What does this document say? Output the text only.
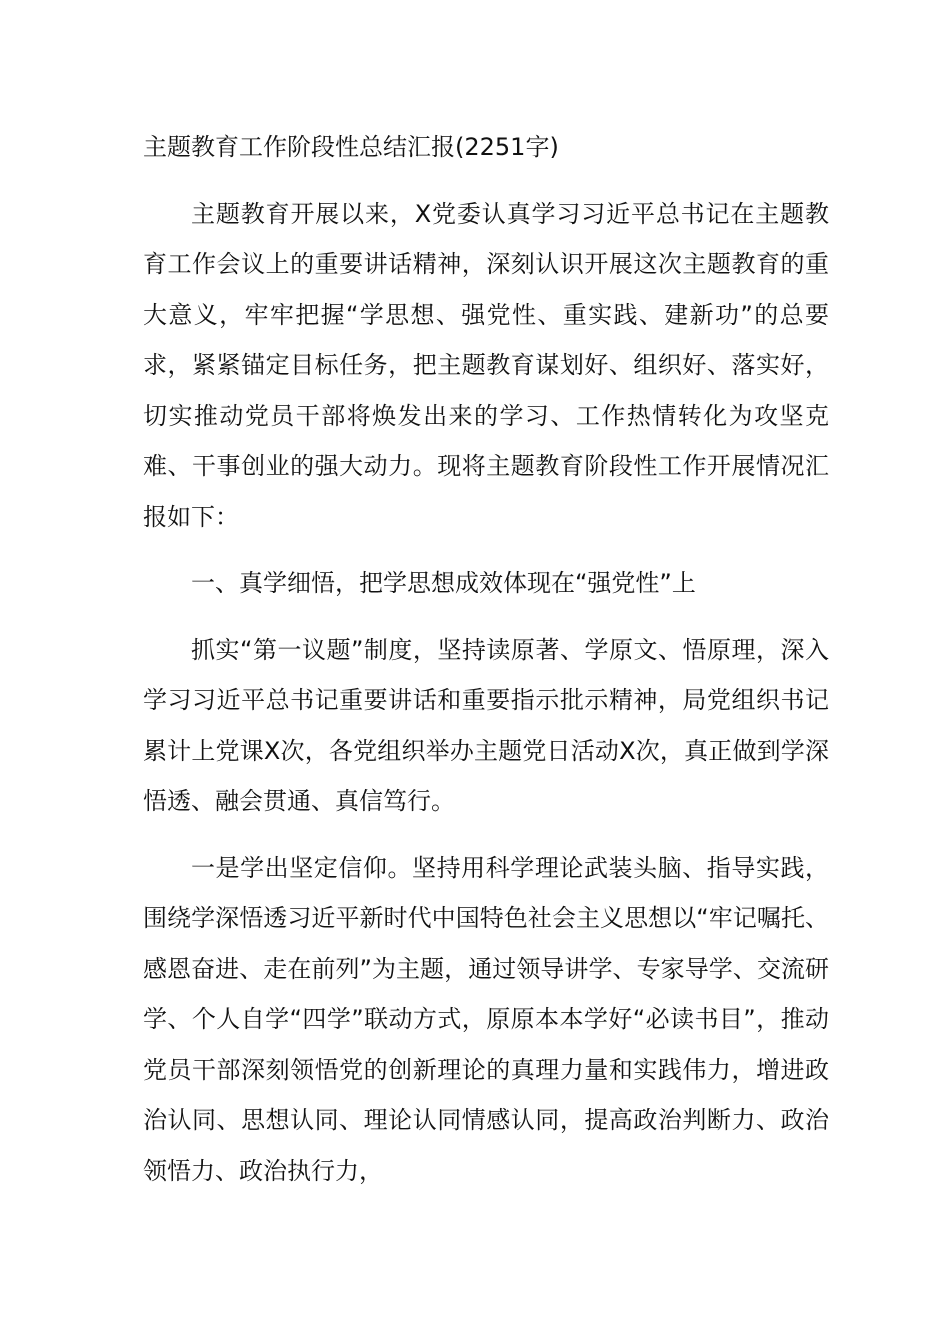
主题教育工作阶段性总结汇报(2251字)

主题教育开展以来，X党委认真学习习近平总书记在主题教育工作会议上的重要讲话精神，深刻认识开展这次主题教育的重大意义，牢牢把握“学思想、强党性、重实践、建新功”的总要求，紧紧锚定目标任务，把主题教育谋划好、组织好、落实好，切实推动党员干部将焕发出来的学习、工作热情转化为攻坚克难、干事创业的强大动力。现将主题教育阶段性工作开展情况汇报如下：

一、真学细悟，把学思想成效体现在“强党性”上

抓实“第一议题”制度，坚持读原著、学原文、悟原理，深入学习习近平总书记重要讲话和重要指示批示精神，局党组织书记累计上党课X次，各党组织举办主题党日活动X次，真正做到学深悟透、融会贯通、真信笃行。

一是学出坚定信仰。坚持用科学理论武装头脑、指导实践，围绕学深悟透习近平新时代中国特色社会主义思想以“牢记嘱托、感恩奋进、走在前列”为主题，通过领导讲学、专家导学、交流研学、个人自学“四学”联动方式，原原本本学好“必读书目”，推动党员干部深刻领悟党的创新理论的真理力量和实践伟力，增进政治认同、思想认同、理论认同情感认同，提高政治判断力、政治领悟力、政治执行力，
